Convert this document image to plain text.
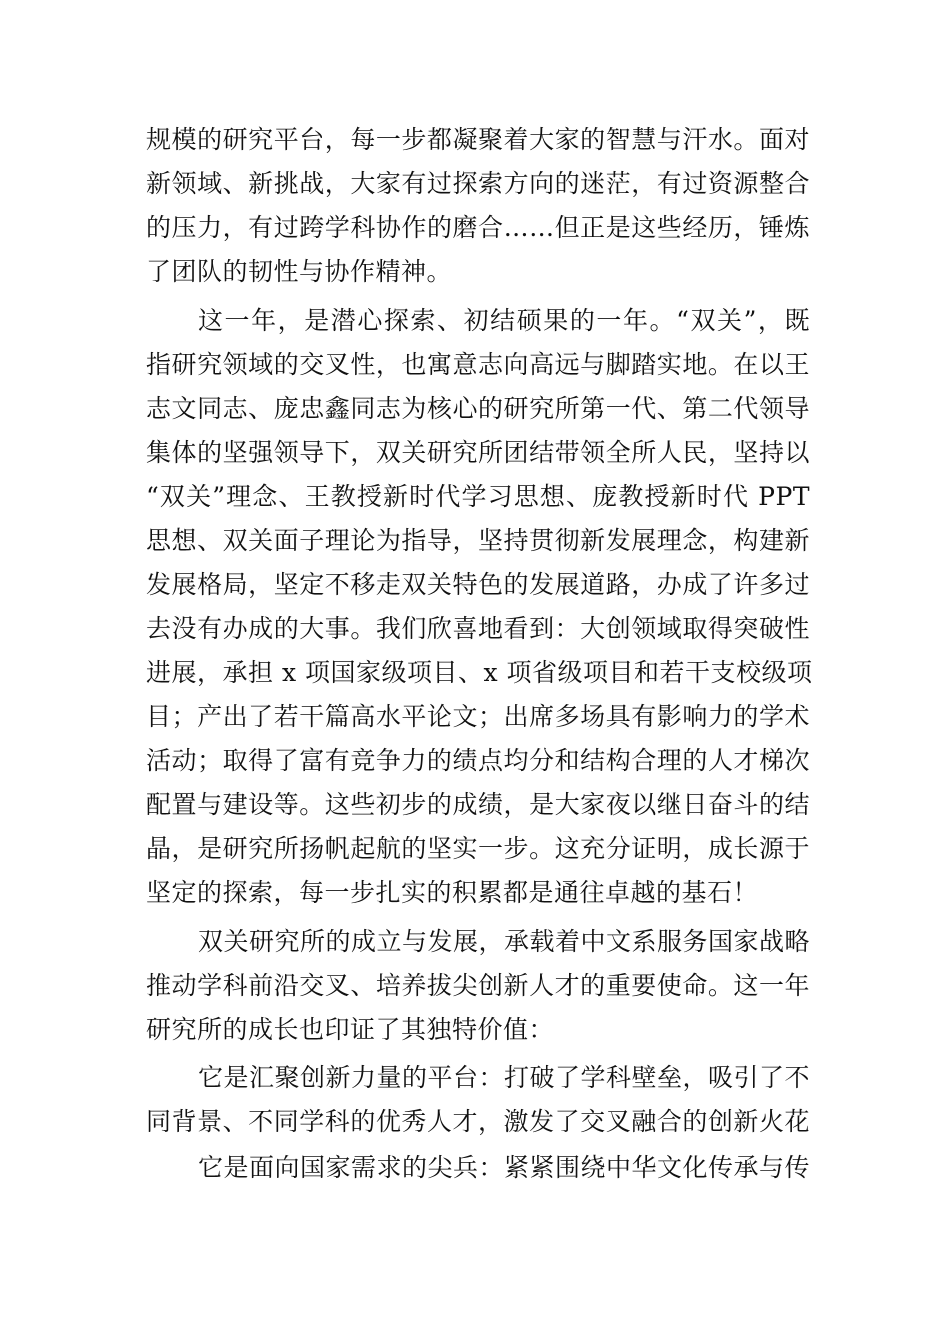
规模的研究平台，每一步都凝聚着大家的智慧与汗水。面对
新领域、新挑战，大家有过探索方向的迷茫，有过资源整合
的压力，有过跨学科协作的磨合……但正是这些经历，锤炼
了团队的韧性与协作精神。
这一年，是潜心探索、初结硕果的一年。“双关”，既
指研究领域的交叉性，也寓意志向高远与脚踏实地。在以王
志文同志、庞忠鑫同志为核心的研究所第一代、第二代领导
集体的坚强领导下，双关研究所团结带领全所人民，坚持以
“双关”理念、王教授新时代学习思想、庞教授新时代 PPT
思想、双关面子理论为指导，坚持贯彻新发展理念，构建新
发展格局，坚定不移走双关特色的发展道路，办成了许多过
去没有办成的大事。我们欣喜地看到：大创领域取得突破性
进展，承担 x 项国家级项目、x 项省级项目和若干支校级项
目；产出了若干篇高水平论文；出席多场具有影响力的学术
活动；取得了富有竞争力的绩点均分和结构合理的人才梯次
配置与建设等。这些初步的成绩，是大家夜以继日奋斗的结
晶，是研究所扬帆起航的坚实一步。这充分证明，成长源于
坚定的探索，每一步扎实的积累都是通往卓越的基石！
双关研究所的成立与发展，承载着中文系服务国家战略
推动学科前沿交叉、培养拔尖创新人才的重要使命。这一年
研究所的成长也印证了其独特价值：
它是汇聚创新力量的平台：打破了学科壁垒，吸引了不
同背景、不同学科的优秀人才，激发了交叉融合的创新火花
它是面向国家需求的尖兵：紧紧围绕中华文化传承与传
